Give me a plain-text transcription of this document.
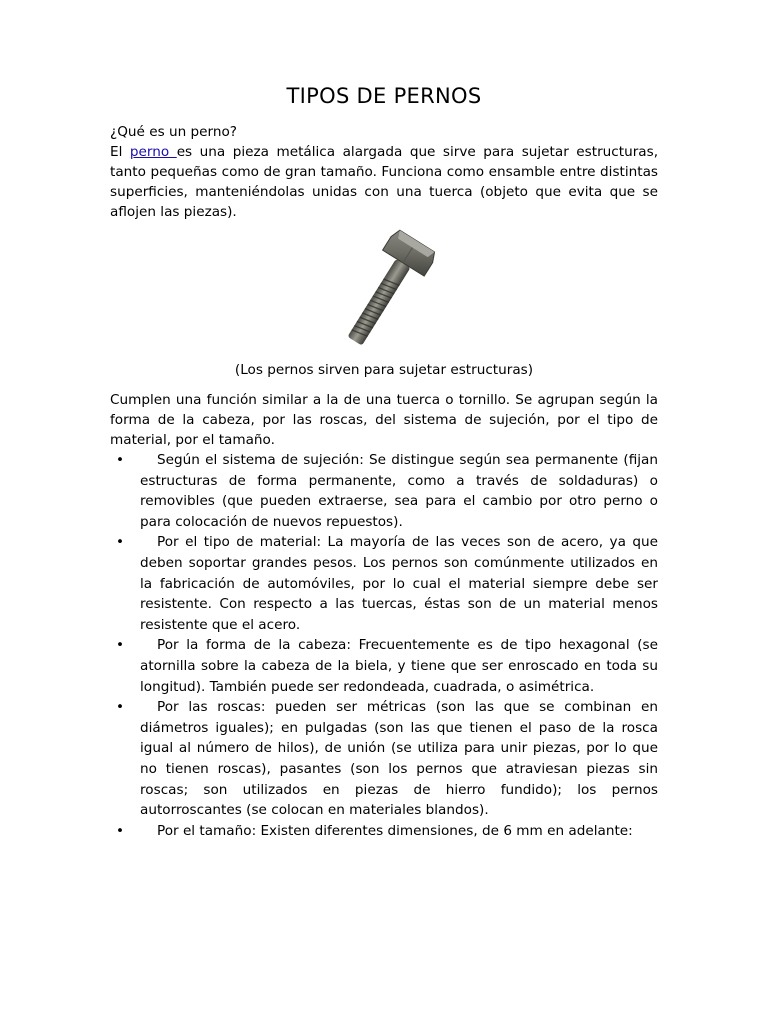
TIPOS DE PERNOS

¿Qué es un perno?

El perno es una pieza metálica alargada que sirve para sujetar estructuras, tanto pequeñas como de gran tamaño. Funciona como ensamble entre distintas superficies, manteniéndolas unidas con una tuerca (objeto que evita que se aflojen las piezas).

(Los pernos sirven para sujetar estructuras)

Cumplen una función similar a la de una tuerca o tornillo. Se agrupan según la forma de la cabeza, por las roscas, del sistema de sujeción, por el tipo de material, por el tamaño.

• Según el sistema de sujeción: Se distingue según sea permanente (fijan estructuras de forma permanente, como a través de soldaduras) o removibles (que pueden extraerse, sea para el cambio por otro perno o para colocación de nuevos repuestos).
• Por el tipo de material: La mayoría de las veces son de acero, ya que deben soportar grandes pesos. Los pernos son comúnmente utilizados en la fabricación de automóviles, por lo cual el material siempre debe ser resistente. Con respecto a las tuercas, éstas son de un material menos resistente que el acero.
• Por la forma de la cabeza: Frecuentemente es de tipo hexagonal (se atornilla sobre la cabeza de la biela, y tiene que ser enroscado en toda su longitud). También puede ser redondeada, cuadrada, o asimétrica.
• Por las roscas: pueden ser métricas (son las que se combinan en diámetros iguales); en pulgadas (son las que tienen el paso de la rosca igual al número de hilos), de unión (se utiliza para unir piezas, por lo que no tienen roscas), pasantes (son los pernos que atraviesan piezas sin roscas; son utilizados en piezas de hierro fundido); los pernos autorroscantes (se colocan en materiales blandos).
• Por el tamaño: Existen diferentes dimensiones, de 6 mm en adelante:
